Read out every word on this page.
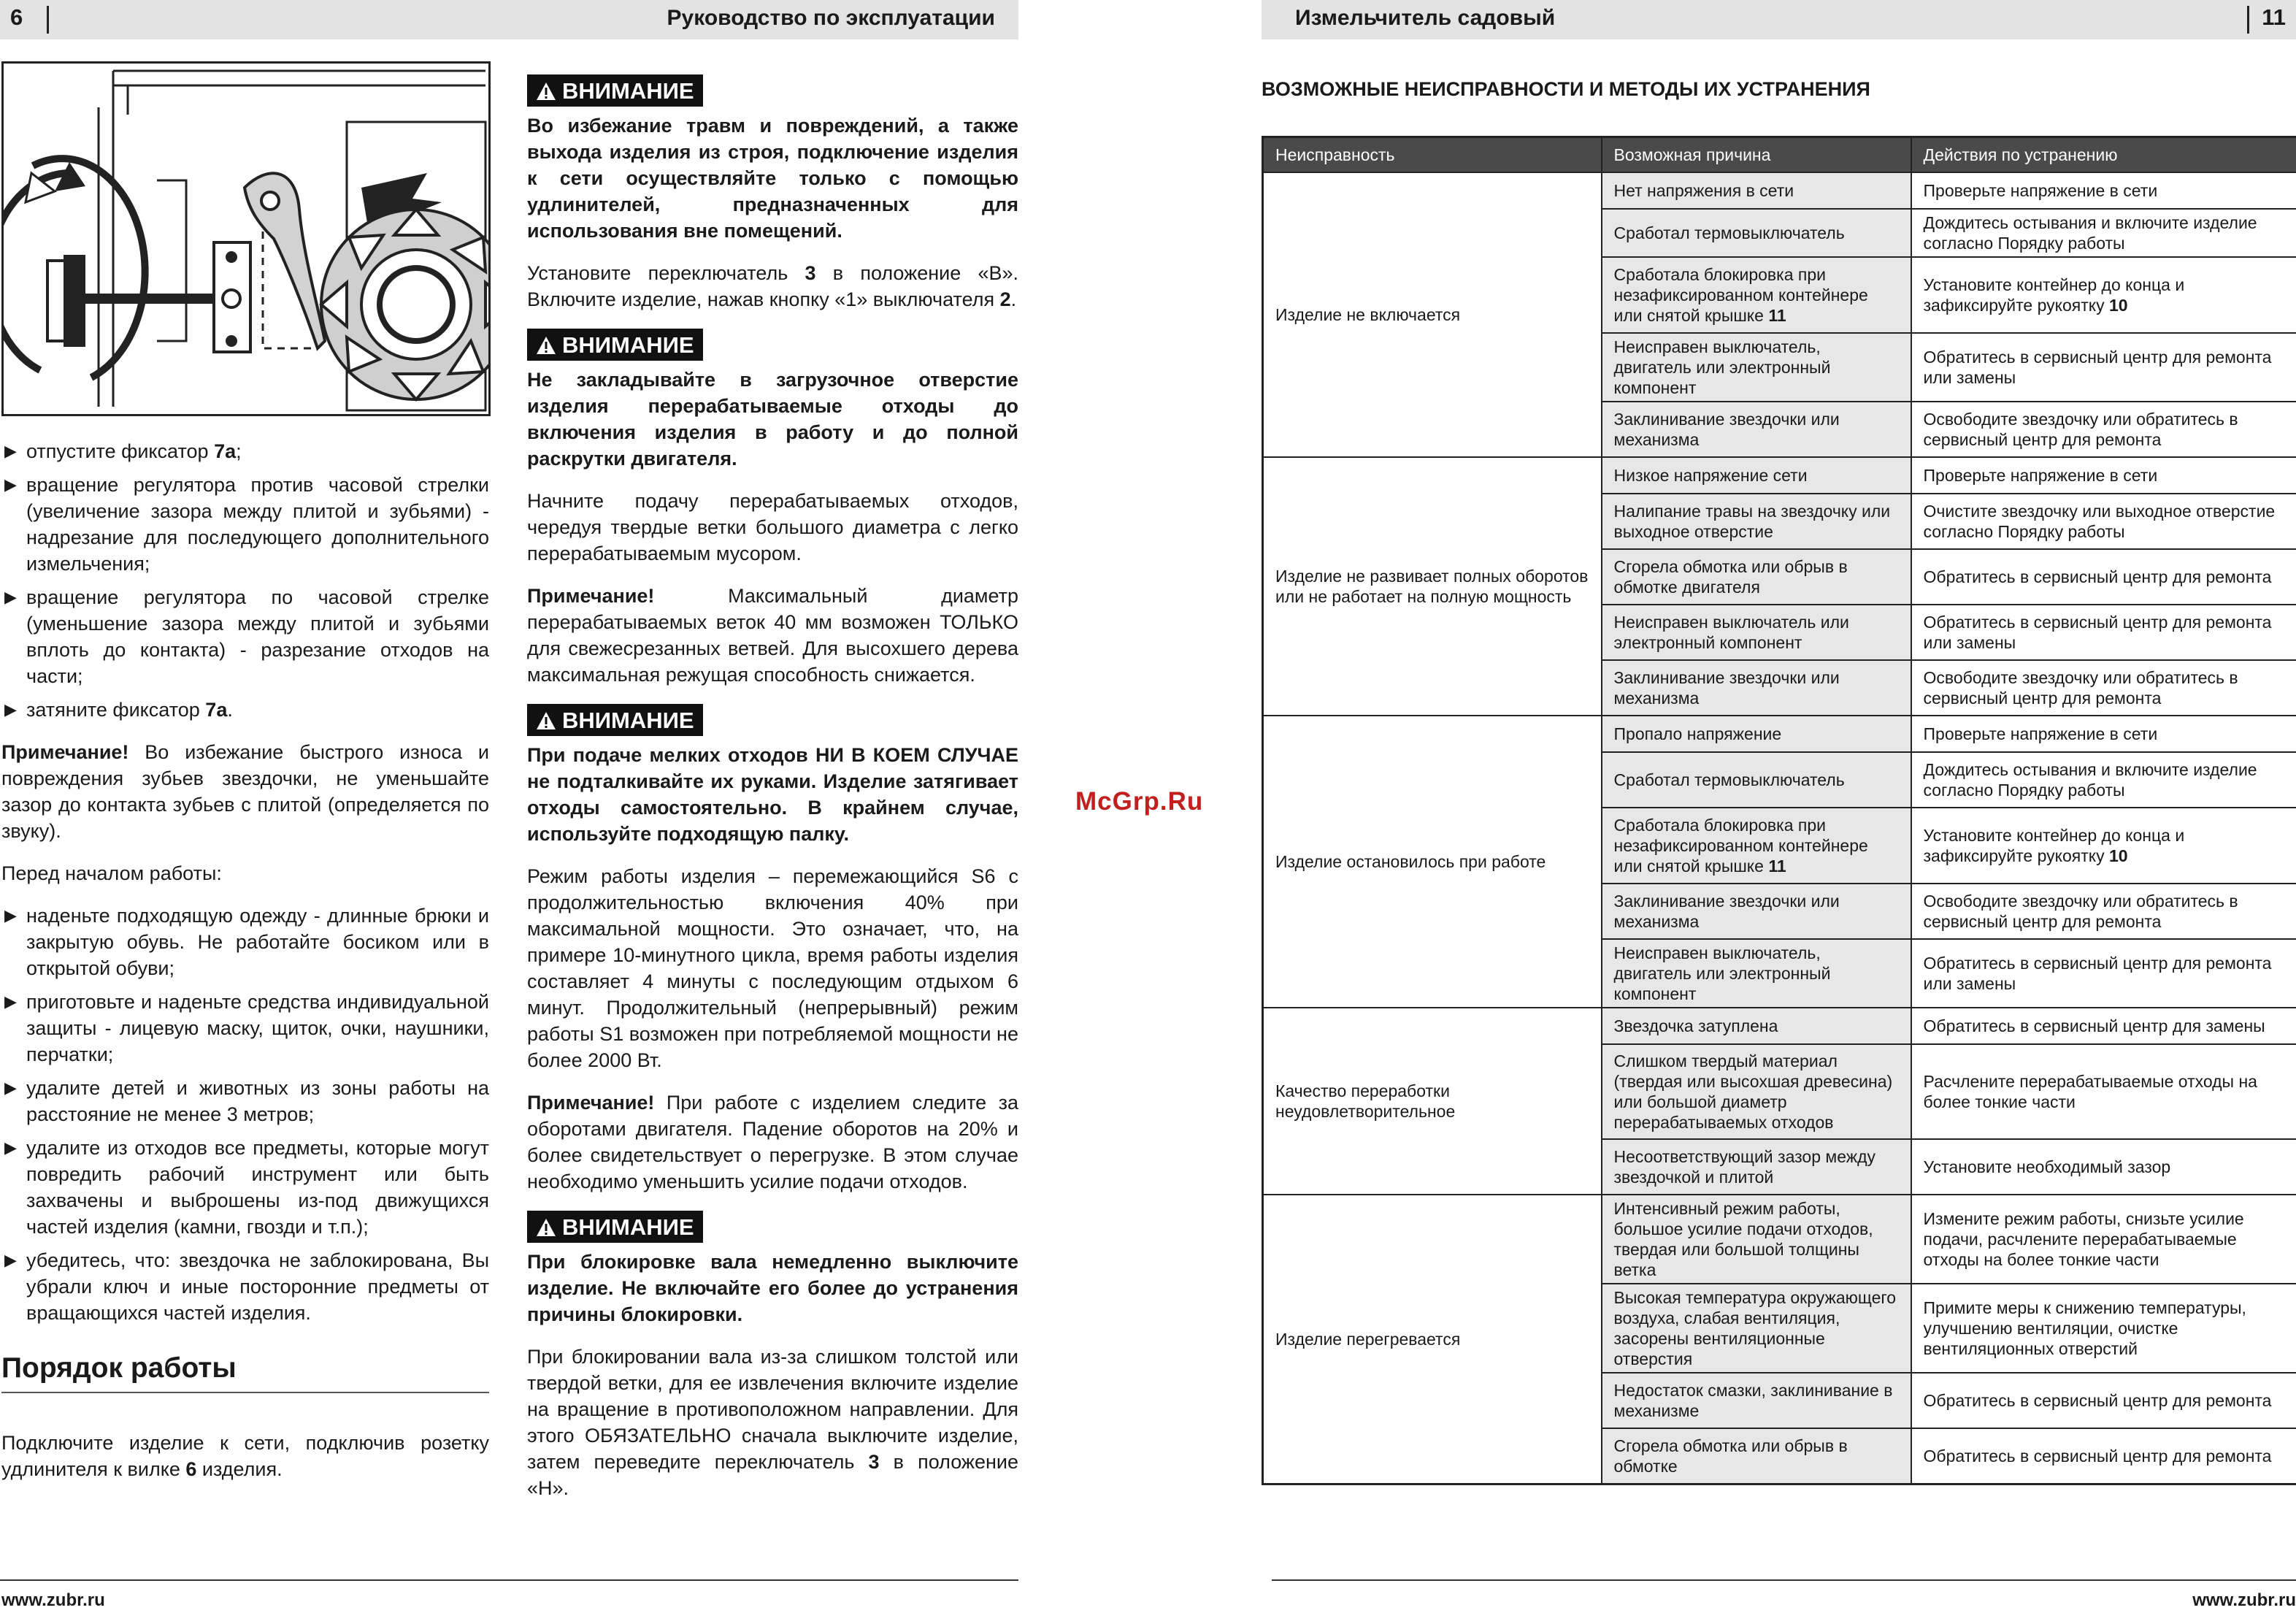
6	Руководство по эксплуатации
▶ отпустите фиксатор 7а;
▶ вращение регулятора против часовой стрелки (увеличение зазора между плитой и зубьями) - надрезание для последующего дополнительного измельчения;
▶ вращение регулятора по часовой стрелке (уменьшение зазора между плитой и зубьями вплоть до контакта) - разрезание отходов на части;
▶ затяните фиксатор 7а.

Примечание! Во избежание быстрого износа и повреждения зубьев звездочки, не уменьшайте зазор до контакта зубьев с плитой (определяется по звуку).

Перед началом работы:

▶ наденьте подходящую одежду - длинные брюки и закрытую обувь. Не работайте босиком или в открытой обуви;
▶ приготовьте и наденьте средства индивидуальной защиты - лицевую маску, щиток, очки, наушники, перчатки;
▶ удалите детей и животных из зоны работы на расстояние не менее 3 метров;
▶ удалите из отходов все предметы, которые могут повредить рабочий инструмент или быть захвачены и выброшены из-под движущихся частей изделия (камни, гвозди и т.п.);
▶ убедитесь, что: звездочка не заблокирована, Вы убрали ключ и иные посторонние предметы от вращающихся частей изделия.
Порядок работы

Подключите изделие к сети, подключив розетку удлинителя к вилке 6 изделия.

ВНИМАНИЕ

Во избежание травм и повреждений, а также выхода изделия из строя, подключение изделия к сети осуществляйте только с помощью удлинителей, предназначенных для использования вне помещений.

Установите переключатель 3 в положение «В». Включите изделие, нажав кнопку «1» выключателя 2.

ВНИМАНИЕ

Не закладывайте в загрузочное отверстие изделия перерабатываемые отходы до включения изделия в работу и до полной раскрутки двигателя.

Начните подачу перерабатываемых отходов, чередуя твердые ветки большого диаметра с легко перерабатываемым мусором.

Примечание! Максимальный диаметр перерабатываемых веток 40 мм возможен ТОЛЬКО для свежесрезанных ветвей. Для высохшего дерева максимальная режущая способность снижается.

ВНИМАНИЕ

При подаче мелких отходов НИ В КОЕМ СЛУЧАЕ не подталкивайте их руками. Изделие затягивает отходы самостоятельно. В крайнем случае, используйте подходящую палку.

Режим работы изделия – перемежающийся S6 с продолжительностью включения 40% при максимальной мощности. Это означает, что, на примере 10-минутного цикла, время работы изделия составляет 4 минуты с последующим отдыхом 6 минут. Продолжительный (непрерывный) режим работы S1 возможен при потребляемой мощности не более 2000 Вт.

Примечание! При работе с изделием следите за оборотами двигателя. Падение оборотов на 20% и более свидетельствует о перегрузке. В этом случае необходимо уменьшить усилие подачи отходов.

ВНИМАНИЕ

При блокировке вала немедленно выключите изделие. Не включайте его более до устранения причины блокировки.

При блокировании вала из-за слишком толстой или твердой ветки, для ее извлечения включите изделие на вращение в противоположном направлении. Для этого ОБЯЗАТЕЛЬНО сначала выключите изделие, затем переведите переключатель 3 в положение «Н».

www.zubr.ru
McGrp.Ru
Измельчитель садовый	11
ВОЗМОЖНЫЕ НЕИСПРАВНОСТИ И МЕТОДЫ ИХ УСТРАНЕНИЯ
Неисправность	Возможная причина	Действия по устранению
Изделие не включается	Нет напряжения в сети	Проверьте напряжение в сети
	Сработал термовыключатель	Дождитесь остывания и включите изделие согласно Порядку работы
	Сработала блокировка при незафиксированном контейнере или снятой крышке 11	Установите контейнер до конца и зафиксируйте рукоятку 10
	Неисправен выключатель, двигатель или электронный компонент	Обратитесь в сервисный центр для ремонта или замены
	Заклинивание звездочки или механизма	Освободите звездочку или обратитесь в сервисный центр для ремонта
Изделие не развивает полных оборотов или не работает на полную мощность	Низкое напряжение сети	Проверьте напряжение в сети
	Налипание травы на звездочку или выходное отверстие	Очистите звездочку или выходное отверстие согласно Порядку работы
	Сгорела обмотка или обрыв в обмотке двигателя	Обратитесь в сервисный центр для ремонта
	Неисправен выключатель или электронный компонент	Обратитесь в сервисный центр для ремонта или замены
	Заклинивание звездочки или механизма	Освободите звездочку или обратитесь в сервисный центр для ремонта
Изделие остановилось при работе	Пропало напряжение	Проверьте напряжение в сети
	Сработал термовыключатель	Дождитесь остывания и включите изделие согласно Порядку работы
	Сработала блокировка при незафиксированном контейнере или снятой крышке 11	Установите контейнер до конца и зафиксируйте рукоятку 10
	Заклинивание звездочки или механизма	Освободите звездочку или обратитесь в сервисный центр для ремонта
	Неисправен выключатель, двигатель или электронный компонент	Обратитесь в сервисный центр для ремонта или замены
Качество переработки неудовлетворительное	Звездочка затуплена	Обратитесь в сервисный центр для замены
	Слишком твердый материал (твердая или высохшая древесина) или большой диаметр перерабатываемых отходов	Расчлените перерабатываемые отходы на более тонкие части
	Несоответствующий зазор между звездочкой и плитой	Установите необходимый зазор
Изделие перегревается	Интенсивный режим работы, большое усилие подачи отходов, твердая или большой толщины ветка	Измените режим работы, снизьте усилие подачи, расчлените перерабатываемые отходы на более тонкие части
	Высокая температура окружающего воздуха, слабая вентиляция, засорены вентиляционные отверстия	Примите меры к снижению температуры, улучшению вентиляции, очистке вентиляционных отверстий
	Недостаток смазки, заклинивание в механизме	Обратитесь в сервисный центр для ремонта
	Сгорела обмотка или обрыв в обмотке	Обратитесь в сервисный центр для ремонта
www.zubr.ru
